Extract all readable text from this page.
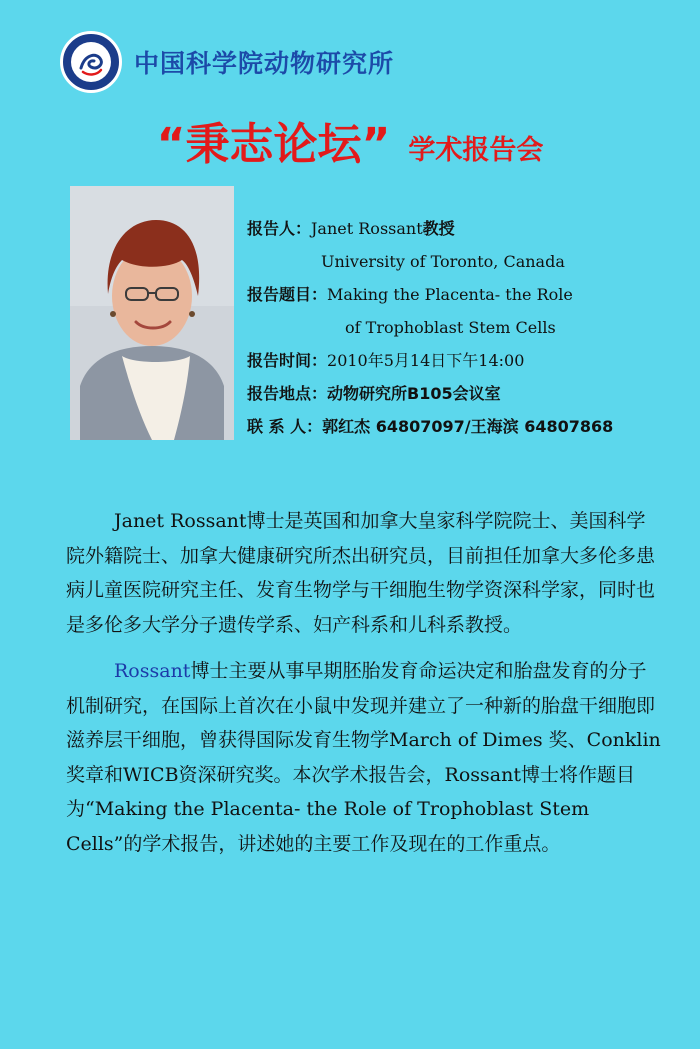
中国科学院动物研究所
“秉志论坛” 学术报告会
报告人：Janet Rossant教授
University of Toronto, Canada
报告题目：Making the Placenta- the Role
of Trophoblast Stem Cells
报告时间：2010年5月14日下午14:00
报告地点：动物研究所B105会议室
联 系 人：郭红杰 64807097/王海滨 64807868

Janet Rossant博士是英国和加拿大皇家科学院院士、美国科学院外籍院士、加拿大健康研究所杰出研究员，目前担任加拿大多伦多患病儿童医院研究主任、发育生物学与干细胞生物学资深科学家，同时也是多伦多大学分子遗传学系、妇产科系和儿科系教授。

Rossant博士主要从事早期胚胎发育命运决定和胎盘发育的分子机制研究，在国际上首次在小鼠中发现并建立了一种新的胎盘干细胞即滋养层干细胞，曾获得国际发育生物学March of Dimes 奖、Conklin奖章和WICB资深研究奖。本次学术报告会，Rossant博士将作题目为“Making the Placenta- the Role of Trophoblast Stem Cells”的学术报告，讲述她的主要工作及现在的工作重点。
